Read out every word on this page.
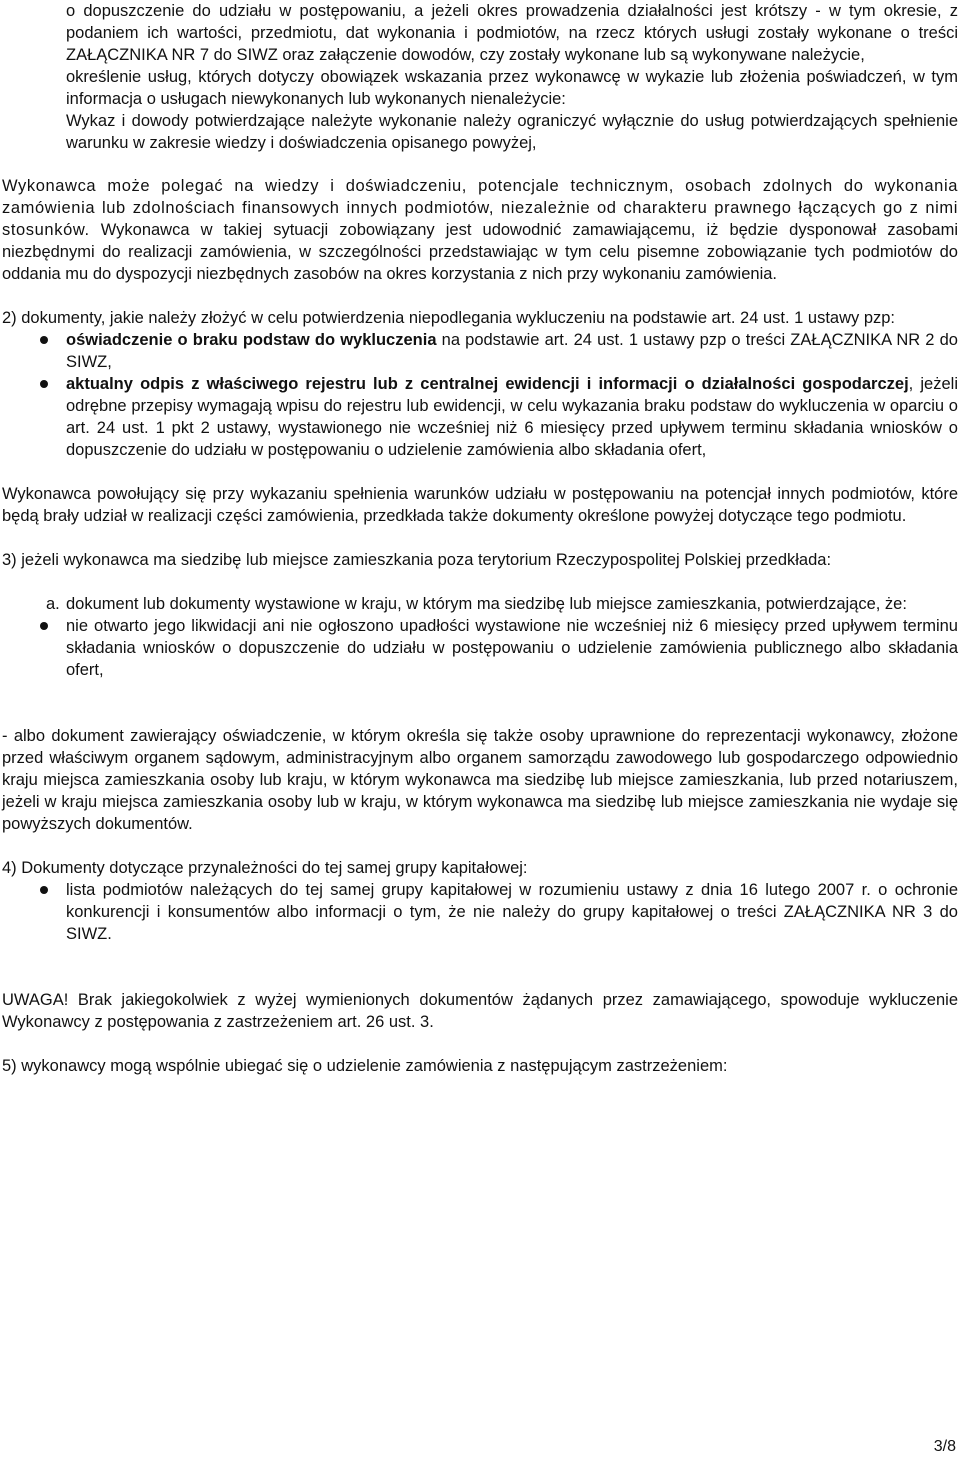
o dopuszczenie do udziału w postępowaniu, a jeżeli okres prowadzenia działalności jest krótszy - w tym okresie, z podaniem ich wartości, przedmiotu, dat wykonania i podmiotów, na rzecz których usługi zostały wykonane o treści ZAŁĄCZNIKA NR 7 do SIWZ oraz załączenie dowodów, czy zostały wykonane lub są wykonywane należycie,

określenie usług, których dotyczy obowiązek wskazania przez wykonawcę w wykazie lub złożenia poświadczeń, w tym informacja o usługach niewykonanych lub wykonanych nienależycie:

Wykaz i dowody potwierdzające należyte wykonanie należy ograniczyć wyłącznie do usług potwierdzających spełnienie warunku w zakresie wiedzy i doświadczenia opisanego powyżej,

Wykonawca może polegać na wiedzy i doświadczeniu, potencjale technicznym, osobach zdolnych do wykonania zamówienia lub zdolnościach finansowych innych podmiotów, niezależnie od charakteru prawnego łączących go z nimi stosunków. Wykonawca w takiej sytuacji zobowiązany jest udowodnić zamawiającemu, iż będzie dysponował zasobami niezbędnymi do realizacji zamówienia, w szczególności przedstawiając w tym celu pisemne zobowiązanie tych podmiotów do oddania mu do dyspozycji niezbędnych zasobów na okres korzystania z nich przy wykonaniu zamówienia.

2) dokumenty, jakie należy złożyć w celu potwierdzenia niepodlegania wykluczeniu na podstawie art. 24 ust. 1 ustawy pzp:

oświadczenie o braku podstaw do wykluczenia na podstawie art. 24 ust. 1 ustawy pzp o treści ZAŁĄCZNIKA NR 2 do SIWZ,
aktualny odpis z właściwego rejestru lub z centralnej ewidencji i informacji o działalności gospodarczej, jeżeli odrębne przepisy wymagają wpisu do rejestru lub ewidencji, w celu wykazania braku podstaw do wykluczenia w oparciu o art. 24 ust. 1 pkt 2 ustawy, wystawionego nie wcześniej niż 6 miesięcy przed upływem terminu składania wniosków o dopuszczenie do udziału w postępowaniu o udzielenie zamówienia albo składania ofert,

Wykonawca powołujący się przy wykazaniu spełnienia warunków udziału w postępowaniu na potencjał innych podmiotów, które będą brały udział w realizacji części zamówienia, przedkłada także dokumenty określone powyżej dotyczące tego podmiotu.

3) jeżeli wykonawca ma siedzibę lub miejsce zamieszkania poza terytorium Rzeczypospolitej Polskiej przedkłada:

a. dokument lub dokumenty wystawione w kraju, w którym ma siedzibę lub miejsce zamieszkania, potwierdzające, że:

nie otwarto jego likwidacji ani nie ogłoszono upadłości wystawione nie wcześniej niż 6 miesięcy przed upływem terminu składania wniosków o dopuszczenie do udziału w postępowaniu o udzielenie zamówienia publicznego albo składania ofert,

- albo dokument zawierający oświadczenie, w którym określa się także osoby uprawnione do reprezentacji wykonawcy, złożone przed właściwym organem sądowym, administracyjnym albo organem samorządu zawodowego lub gospodarczego odpowiednio kraju miejsca zamieszkania osoby lub kraju, w którym wykonawca ma siedzibę lub miejsce zamieszkania, lub przed notariuszem, jeżeli w kraju miejsca zamieszkania osoby lub w kraju, w którym wykonawca ma siedzibę lub miejsce zamieszkania nie wydaje się powyższych dokumentów.

4) Dokumenty dotyczące przynależności do tej samej grupy kapitałowej:

lista podmiotów należących do tej samej grupy kapitałowej w rozumieniu ustawy z dnia 16 lutego 2007 r. o ochronie konkurencji i konsumentów albo informacji o tym, że nie należy do grupy kapitałowej o treści ZAŁĄCZNIKA NR 3 do SIWZ.

UWAGA! Brak jakiegokolwiek z wyżej wymienionych dokumentów żądanych przez zamawiającego, spowoduje wykluczenie Wykonawcy z postępowania z zastrzeżeniem art. 26 ust. 3.

5) wykonawcy mogą wspólnie ubiegać się o udzielenie zamówienia z następującym zastrzeżeniem:

3/8
